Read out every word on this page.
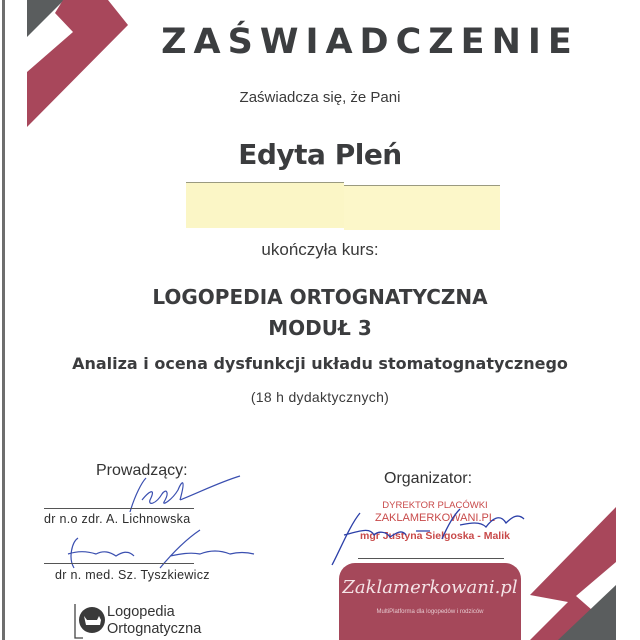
ZAŚWIADCZENIE
Zaświadcza się, że Pani
Edyta Pleń
ukończyła kurs:
LOGOPEDIA ORTOGNATYCZNA
MODUŁ 3
Analiza i ocena dysfunkcji układu stomatognatycznego
(18 h dydaktycznych)
Prowadzący:
dr n.o zdr. A. Lichnowska
dr n. med. Sz. Tyszkiewicz
Logopedia
Ortognatyczna
Organizator:
DYREKTOR PLACÓWKI
ZAKLAMERKOWANI.PL
mgr Justyna Sielgoska - Malik
Zaklamerkowani.pl
MultiPlatforma dla logopedów i rodziców
